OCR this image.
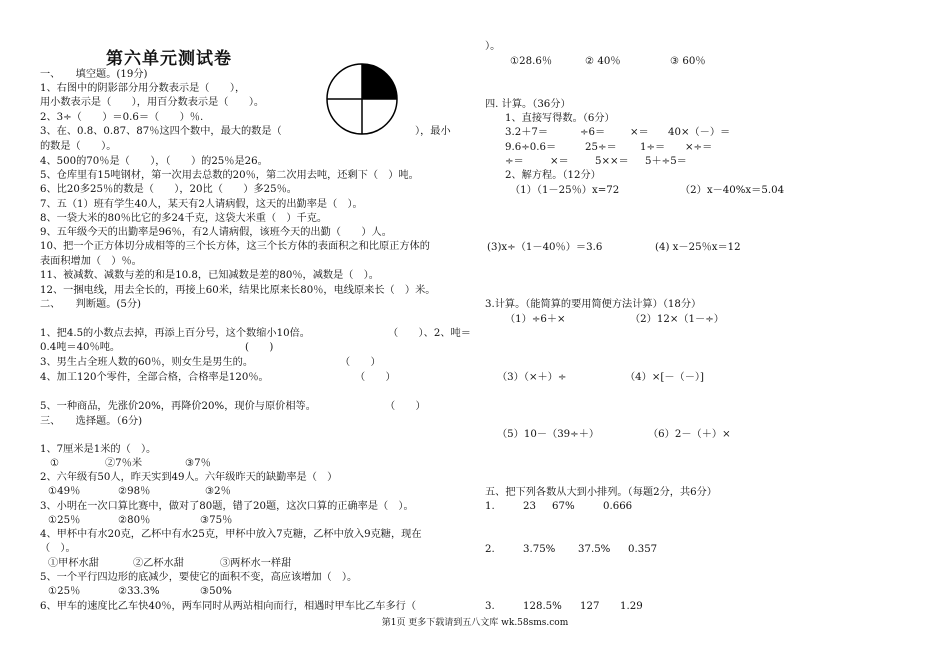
第六单元测试卷
一、　　填空题。(19分)
1、右图中的阴影部分用分数表示是（　　），
用小数表示是（　　），用百分数表示是（　　）。
2、3÷（　　）＝0.6＝（　　）％.
3、在、0.8、0.87、87％这四个数中，最大的数是（	），最小
的数是（　　）。
4、500的70％是（　　），（　　）的25％是26。
5、仓库里有15吨钢材，第一次用去总数的20％，第二次用去吨，还剩下（　）吨。
6、比20多25％的数是（　　），20比（　　）多25％。
7、五（1）班有学生40人，某天有2人请病假，这天的出勤率是（　）。
8、一袋大米的80％比它的多24千克，这袋大米重（　）千克。
9、五年级今天的出勤率是96％，有2人请病假，该班今天的出勤（　　）人。
10、把一个正方体切分成相等的三个长方体，这三个长方体的表面积之和比原正方体的
表面积增加（　）％。
11、被减数、减数与差的和是10.8，已知减数是差的80％，减数是（　）。
12、一捆电线，用去全长的，再接上60米，结果比原来长80％，电线原来长（　）米。
二、　　判断题。(5分)
1、把4.5的小数点去掉，再添上百分号，这个数缩小10倍。	（　　）、2、吨＝
0.4吨＝40％吨。	(　　)
3、男生占全班人数的60％，则女生是男生的。	（　　）
4、加工120个零件，全部合格，合格率是120％。	（　　）
5、一种商品，先涨价20%，再降价20%，现价与原价相等。	（　　）
三、　　选择题。（6分)
1、7厘米是1米的（　）。
①	②7％米	③7％
2、六年级有50人，昨天实到49人。六年级昨天的缺勤率是（　）
①49％	②98％	③2％
3、小明在一次口算比赛中，做对了80题，错了20题，这次口算的正确率是（　）。
①25％	②80％	③75％
4、甲杯中有水20克，乙杯中有水25克，甲杯中放入7克糖，乙杯中放入9克糖，现在
（　）。
①甲杯水甜	②乙杯水甜	③两杯水一样甜
5、一个平行四边形的底减少，要使它的面积不变，高应该增加（　）。
①25％	②33.3%	③50%
6、甲车的速度比乙车快40％，两车同时从两站相向而行，相遇时甲车比乙车多行（
）。
①28.6％	② 40％	③ 60％
四. 计算。（36分）
1、直接写得数。（6分）
3.2＋7＝	÷6＝ ×＝ 40×（－）＝
9.6÷0.6＝	25÷＝ 1÷＝ ×÷＝
÷＝	×＝	5××＝ 5＋÷5＝
2、解方程。（12分）
（1）（1－25％）x=72	（2）x－40%x＝5.04
(3)x÷（1－40％）＝3.6	(4) x－25％x＝12
3.计算。（能简算的要用简便方法计算）（18分）
（1）÷6＋×	（2）12×（1－÷）
（3）（×＋）÷	（4）×[－（－）]
（5）10－（39÷＋）	（6）2－（＋）×
五、把下列各数从大到小排列。（每题2分，共6分）
1.	23 67%	0.666
2.	3.75% 37.5% 0.357
3.	128.5% 127 1.29
第1页 更多下载请到五八文库 wk.58sms.com
